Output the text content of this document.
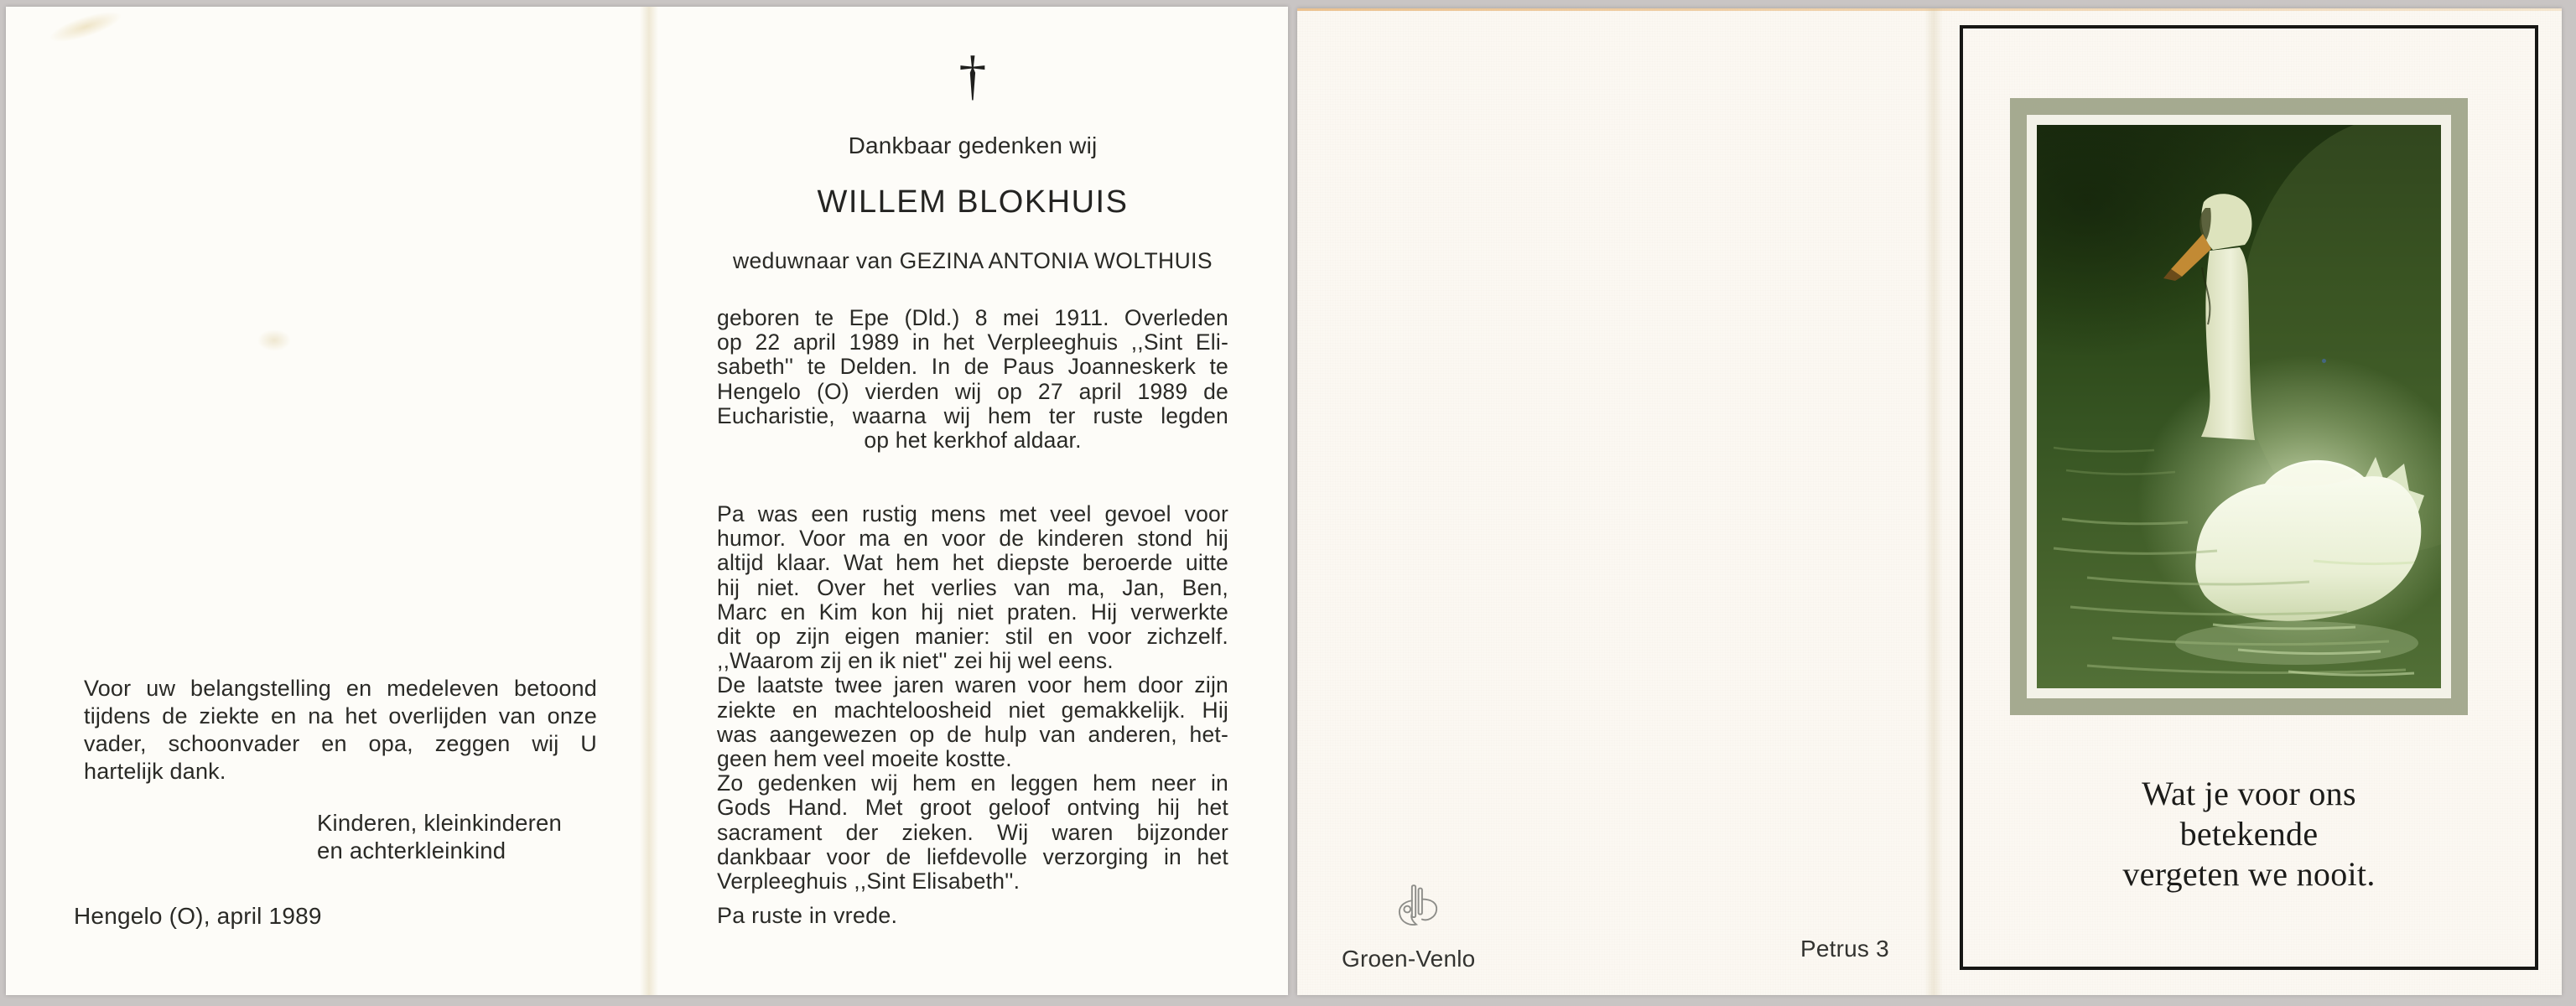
Voor uw belangstelling en medeleven betoond
tijdens de ziekte en na het overlijden van onze
vader, schoonvader en opa, zeggen wij U
hartelijk dank.
Kinderen, kleinkinderen
en achterkleinkind
Hengelo (O), april 1989
†
Dankbaar gedenken wij
WILLEM BLOKHUIS
weduwnaar van GEZINA ANTONIA WOLTHUIS
geboren te Epe (Dld.) 8 mei 1911. Overleden
op 22 april 1989 in het Verpleeghuis ,,Sint Eli-
sabeth'' te Delden. In de Paus Joanneskerk te
Hengelo (O) vierden wij op 27 april 1989 de
Eucharistie, waarna wij hem ter ruste legden
op het kerkhof aldaar.
Pa was een rustig mens met veel gevoel voor
humor. Voor ma en voor de kinderen stond hij
altijd klaar. Wat hem het diepste beroerde uitte
hij niet. Over het verlies van ma, Jan, Ben,
Marc en Kim kon hij niet praten. Hij verwerkte
dit op zijn eigen manier: stil en voor zichzelf.
,,Waarom zij en ik niet'' zei hij wel eens.
De laatste twee jaren waren voor hem door zijn
ziekte en machteloosheid niet gemakkelijk. Hij
was aangewezen op de hulp van anderen, het-
geen hem veel moeite kostte.
Zo gedenken wij hem en leggen hem neer in
Gods Hand. Met groot geloof ontving hij het
sacrament der zieken. Wij waren bijzonder
dankbaar voor de liefdevolle verzorging in het
Verpleeghuis ,,Sint Elisabeth''.
Pa ruste in vrede.
Groen-Venlo	Petrus 3
Wat je voor ons
betekende
vergeten we nooit.
